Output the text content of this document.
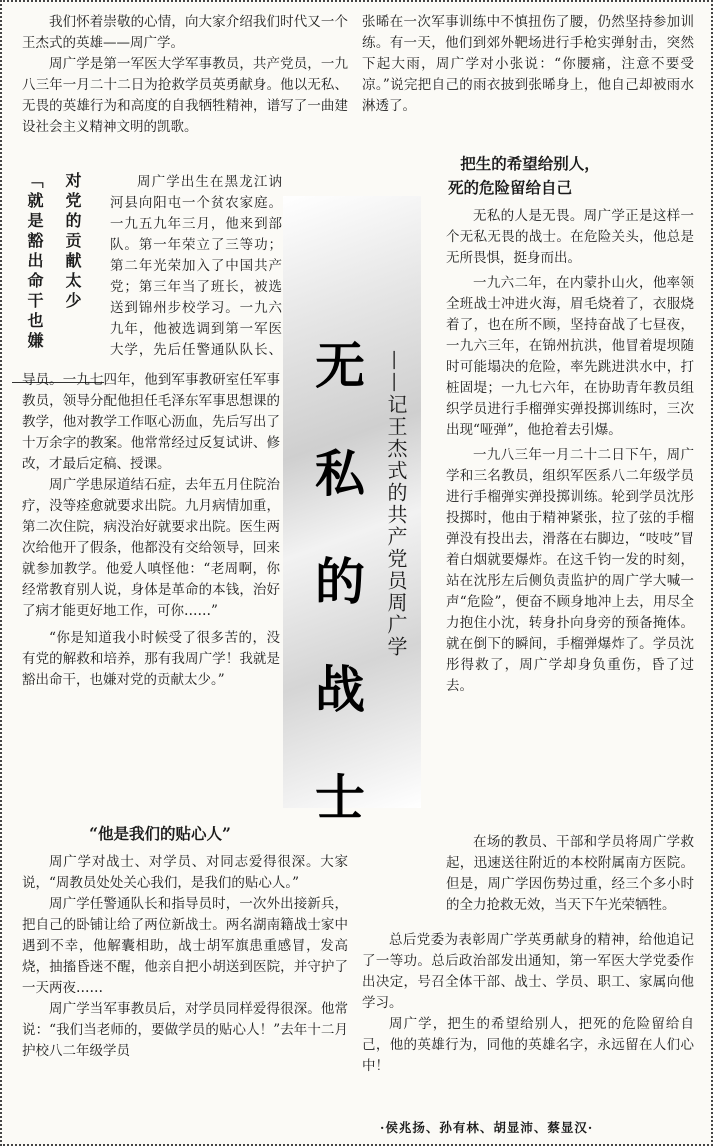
我们怀着崇敬的心情，向大家介绍我们时代又一个王杰式的英雄——周广学。

周广学是第一军医大学军事教员，共产党员，一九八三年一月二十二日为抢救学员英勇献身。他以无私、无畏的英雄行为和高度的自我牺牲精神，谱写了一曲建设社会主义精神文明的凯歌。

对党的贡献太少
「就是豁出命干也嫌	周广学出生在黑龙江讷河县向阳屯一个贫农家庭。一九五九年三月，他来到部队。第一年荣立了三等功；第二年光荣加入了中国共产党；第三年当了班长，被选送到锦州步校学习。一九六九年，他被选调到第一军医大学，先后任警通队队长、

导员。一九七四年，他到军事教研室任军事教员，领导分配他担任毛泽东军事思想课的教学，他对教学工作呕心沥血，先后写出了十万余字的教案。他常常经过反复试讲、修改，才最后定稿、授课。

周广学患尿道结石症，去年五月住院治疗，没等痊愈就要求出院。九月病情加重，第二次住院，病没治好就要求出院。医生两次给他开了假条，他都没有交给领导，回来就参加教学。他爱人嗔怪他：“老周啊，你经常教育别人说，身体是革命的本钱，治好了病才能更好地工作，可你……”

“你是知道我小时候受了很多苦的，没有党的解救和培养，那有我周广学！我就是豁出命干，也嫌对党的贡献太少。”

“他是我们的贴心人”

周广学对战士、对学员、对同志爱得很深。大家说，“周教员处处关心我们，是我们的贴心人。”

周广学任警通队长和指导员时，一次外出接新兵，把自己的卧铺让给了两位新战士。两名湖南籍战士家中遇到不幸，他解囊相助，战士胡军旗患重感冒，发高烧，抽搐昏迷不醒，他亲自把小胡送到医院，并守护了一天两夜……

周广学当军事教员后，对学员同样爱得很深。他常说：“我们当老师的，要做学员的贴心人！”去年十二月护校八二年级学员

无
私
的
战
士
——记王杰式的共产党员周广学

张晞在一次军事训练中不慎扭伤了腰，仍然坚持参加训练。有一天，他们到郊外靶场进行手枪实弹射击，突然下起大雨，周广学对小张说：“你腰痛，注意不要受凉。”说完把自己的雨衣披到张晞身上，他自己却被雨水淋透了。

把生的希望给别人，
死的危险留给自己

无私的人是无畏。周广学正是这样一个无私无畏的战士。在危险关头，他总是无所畏惧，挺身而出。

一九六二年，在内蒙扑山火，他率领全班战士冲进火海，眉毛烧着了，衣服烧着了，也在所不顾，坚持奋战了七昼夜，一九六三年，在锦州抗洪，他冒着堤坝随时可能塌决的危险，率先跳进洪水中，打桩固堤；一九七六年，在协助青年教员组织学员进行手榴弹实弹投掷训练时，三次出现“哑弹”，他抢着去引爆。

一九八三年一月二十二日下午，周广学和三名教员，组织军医系八二年级学员进行手榴弹实弹投掷训练。轮到学员沈彤投掷时，他由于精神紧张，拉了弦的手榴弹没有投出去，滑落在右脚边，“吱吱”冒着白烟就要爆炸。在这千钧一发的时刻，站在沈彤左后侧负责监护的周广学大喊一声“危险”，便奋不顾身地冲上去，用尽全力抱住小沈，转身扑向身旁的预备掩体。就在倒下的瞬间，手榴弹爆炸了。学员沈彤得救了，周广学却身负重伤，昏了过去。

总后党委为表彰周广学英勇献身的精神，给他追记了一等功。总后政治部发出通知，第一军医大学党委作出决定，号召全体干部、战士、学员、职工、家属向他学习。

周广学，把生的希望给别人，把死的危险留给自己，他的英雄行为，同他的英雄名字，永远留在人们心中！

在场的教员、干部和学员将周广学救起，迅速送往附近的本校附属南方医院。但是，周广学因伤势过重，经三个多小时的全力抢救无效，当天下午光荣牺牲。

·侯兆扬、孙有林、胡显沛、蔡显汉·
